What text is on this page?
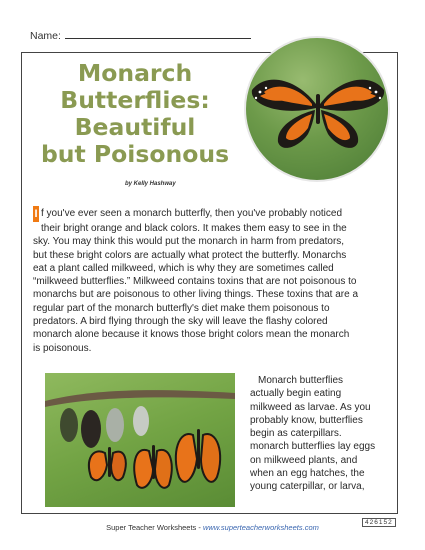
Name:
Monarch
Butterflies:
Beautiful
but Poisonous
by Kelly Hashway
I f you've ever seen a monarch butterfly, then you've probably noticed
their bright orange and black colors. It makes them easy to see in the
sky. You may think this would put the monarch in harm from predators,
but these bright colors are actually what protect the butterfly. Monarchs
eat a plant called milkweed, which is why they are sometimes called
“milkweed butterflies.” Milkweed contains toxins that are not poisonous to
monarchs but are poisonous to other living things. These toxins that are a
regular part of the monarch butterfly's diet make them poisonous to
predators. A bird flying through the sky will leave the flashy colored
monarch alone because it knows those bright colors mean the monarch
is poisonous.
Monarch butterflies
actually begin eating
milkweed as larvae. As you
probably know, butterflies
begin as caterpillars.
monarch butterflies lay eggs
on milkweed plants, and
when an egg hatches, the
young caterpillar, or larva,
Super Teacher Worksheets - www.superteacherworksheets.com
426152
